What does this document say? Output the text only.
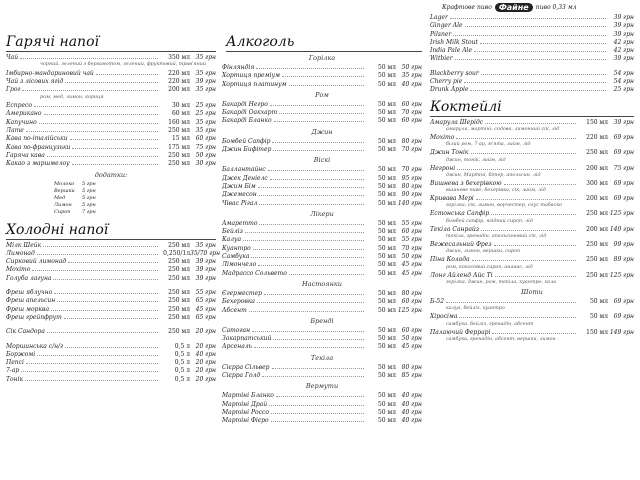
Гарячі напої
Чай	350 мл 35 грн
чорний, зелений з бергамотом, зелений, фруктовий, трав'яний
Імбирно-мандариновий чай	220 мл 35 грн
Чай з лісових ягід	220 мл 39 грн
Грог	200 мл 35 грн
ром, мед, лимон, кориця
Еспресо	30 мл 25 грн
Американо	60 мл 25 грн
Капучино	160 мл 35 грн
Лате	250 мл 35 грн
Кава по-італійськи	15 мл 60 грн
Кава по-французьки	175 мл 75 грн
Гаряча кава	250 мл 50 грн
Какао з маршмелоу	250 мл 30 грн
додатки:
Молоко	5 грн
Вершки	5 грн
Мед	5 грн
Лимон	5 грн
Сироп	7 грн
Холодні напої
Мілк Шейк	250 мл 35 грн
Лимонад	0,250/1л 35/70 грн
Сирковий лимонад	250 мл 39 грн
Мохіто	250 мл 39 грн
Голуба лагуна	250 мл 39 грн
Фреш яблучно	250 мл 55 грн
Фреш апельсин	250 мл 65 грн
Фреш морква	250 мл 45 грн
Фреш грейпфрут	250 мл 65 грн
Сік Сандора	250 мл 20 грн
Моршинська с/н/г	0,5 л 20 грн
Боржомі	0,5 л 40 грн
Пепсі	0,5 л 20 грн
7-ар	0,5 л 20 грн
Тонік	0,5 л 20 грн
Алкоголь
Горілка
Фінляндія	50 мл 50 грн
Хортиця преміум	50 мл 35 грн
Хортиця платинум	50 мл 40 грн
Ром
Бакарді Негро	50 мл 60 грн
Бакарді Оакхарт	50 мл 70 грн
Бакарді Бланко	50 мл 60 грн
Джин
Бомбей Сапфір	50 мл 80 грн
Джин Бифітер	50 мл 70 грн
Віскі
Баллантайнс	50 мл 70 грн
Джек Деніелс	50 мл 95 грн
Джим Бім	50 мл 80 грн
Джемесон	50 мл 90 грн
Чівас Рігал	50 мл 140 грн
Лікери
Амаретто	50 мл 55 грн
Бейліз	50 мл 60 грн
Калуа	50 мл 55 грн
Куантро	50 мл 70 грн
Самбука	50 мл 50 грн
Лімончело	50 мл 45 грн
Мадрассо Сольвето	50 мл 45 грн
Настоянки
Єгерместер	50 мл 80 грн
Бехеровка	50 мл 60 грн
Абсент	50 мл 125 грн
Бренді
Сатоган	50 мл 60 грн
Закарпатський	50 мл 50 грн
Арсеналь	50 мл 45 грн
Текіла
Сієрра Сільвер	50 мл 80 грн
Сієрра Голд	50 мл 85 грн
Вермути
Мартіні Бланко	50 мл 40 грн
Мартіні Драй	50 мл 40 грн
Мартіні Россо	50 мл 40 грн
Мартіні Фієро	50 мл 40 грн
Крафтове пиво Файне	пиво 0,33 мл
Lager	39 грн
Ginger Ale	39 грн
Pilsner	39 грн
Irish Milk Stout	42 грн
India Pale Ale	42 грн
Witbier	39 грн
Blackberry sour	54 грн
Cherry pie	54 грн
Drunk Apple	25 грн
Коктейлі
Амарула Шерідс	150 мл 39 грн
амарула, мартіні, содова, лимонний сік, лід
Мохіто	220 мл 69 грн
білий ром, 7-ар, м'ята, лайм, лід
Джин Тонік	250 мл 69 грн
джин, тонік, лайм, лід
Негроні	200 мл 75 грн
джин, Мартіні, бітер, апельсин, лід
Вишнева з бехерівкою	300 мл 69 грн
вишневе пиво, бехерівка, сік, лайм, лід
Кривава Мері	200 мл 69 грн
горілка, сік, лимон, ворчестер, соус табаско
Естонська Сапфір	250 мл 125 грн
бомбей сапфір, ягідний сироп, лід
Текіла Санрайз	200 мл 140 грн
текіла, гренадін, апельсиновий сік, лід
Вежесальний Фрез	250 мл 99 грн
джин, лимон, вершки, сироп
Піна Колада	250 мл 89 грн
ром, кокосовий сироп, ананас, лід
Лонг Айленд Айс Ті	250 мл 125 грн
горілка, джин, ром, текіла, куантро, кола
Шоти
Б-52	50 мл 69 грн
калуа, бейліз, куантро
Хіросіма	50 мл 69 грн
самбука, бейліз, гренадін, абсент
Палаючий Феррарі	150 мл 149 грн
самбука, гренадін, абсент, вершки, лимон
